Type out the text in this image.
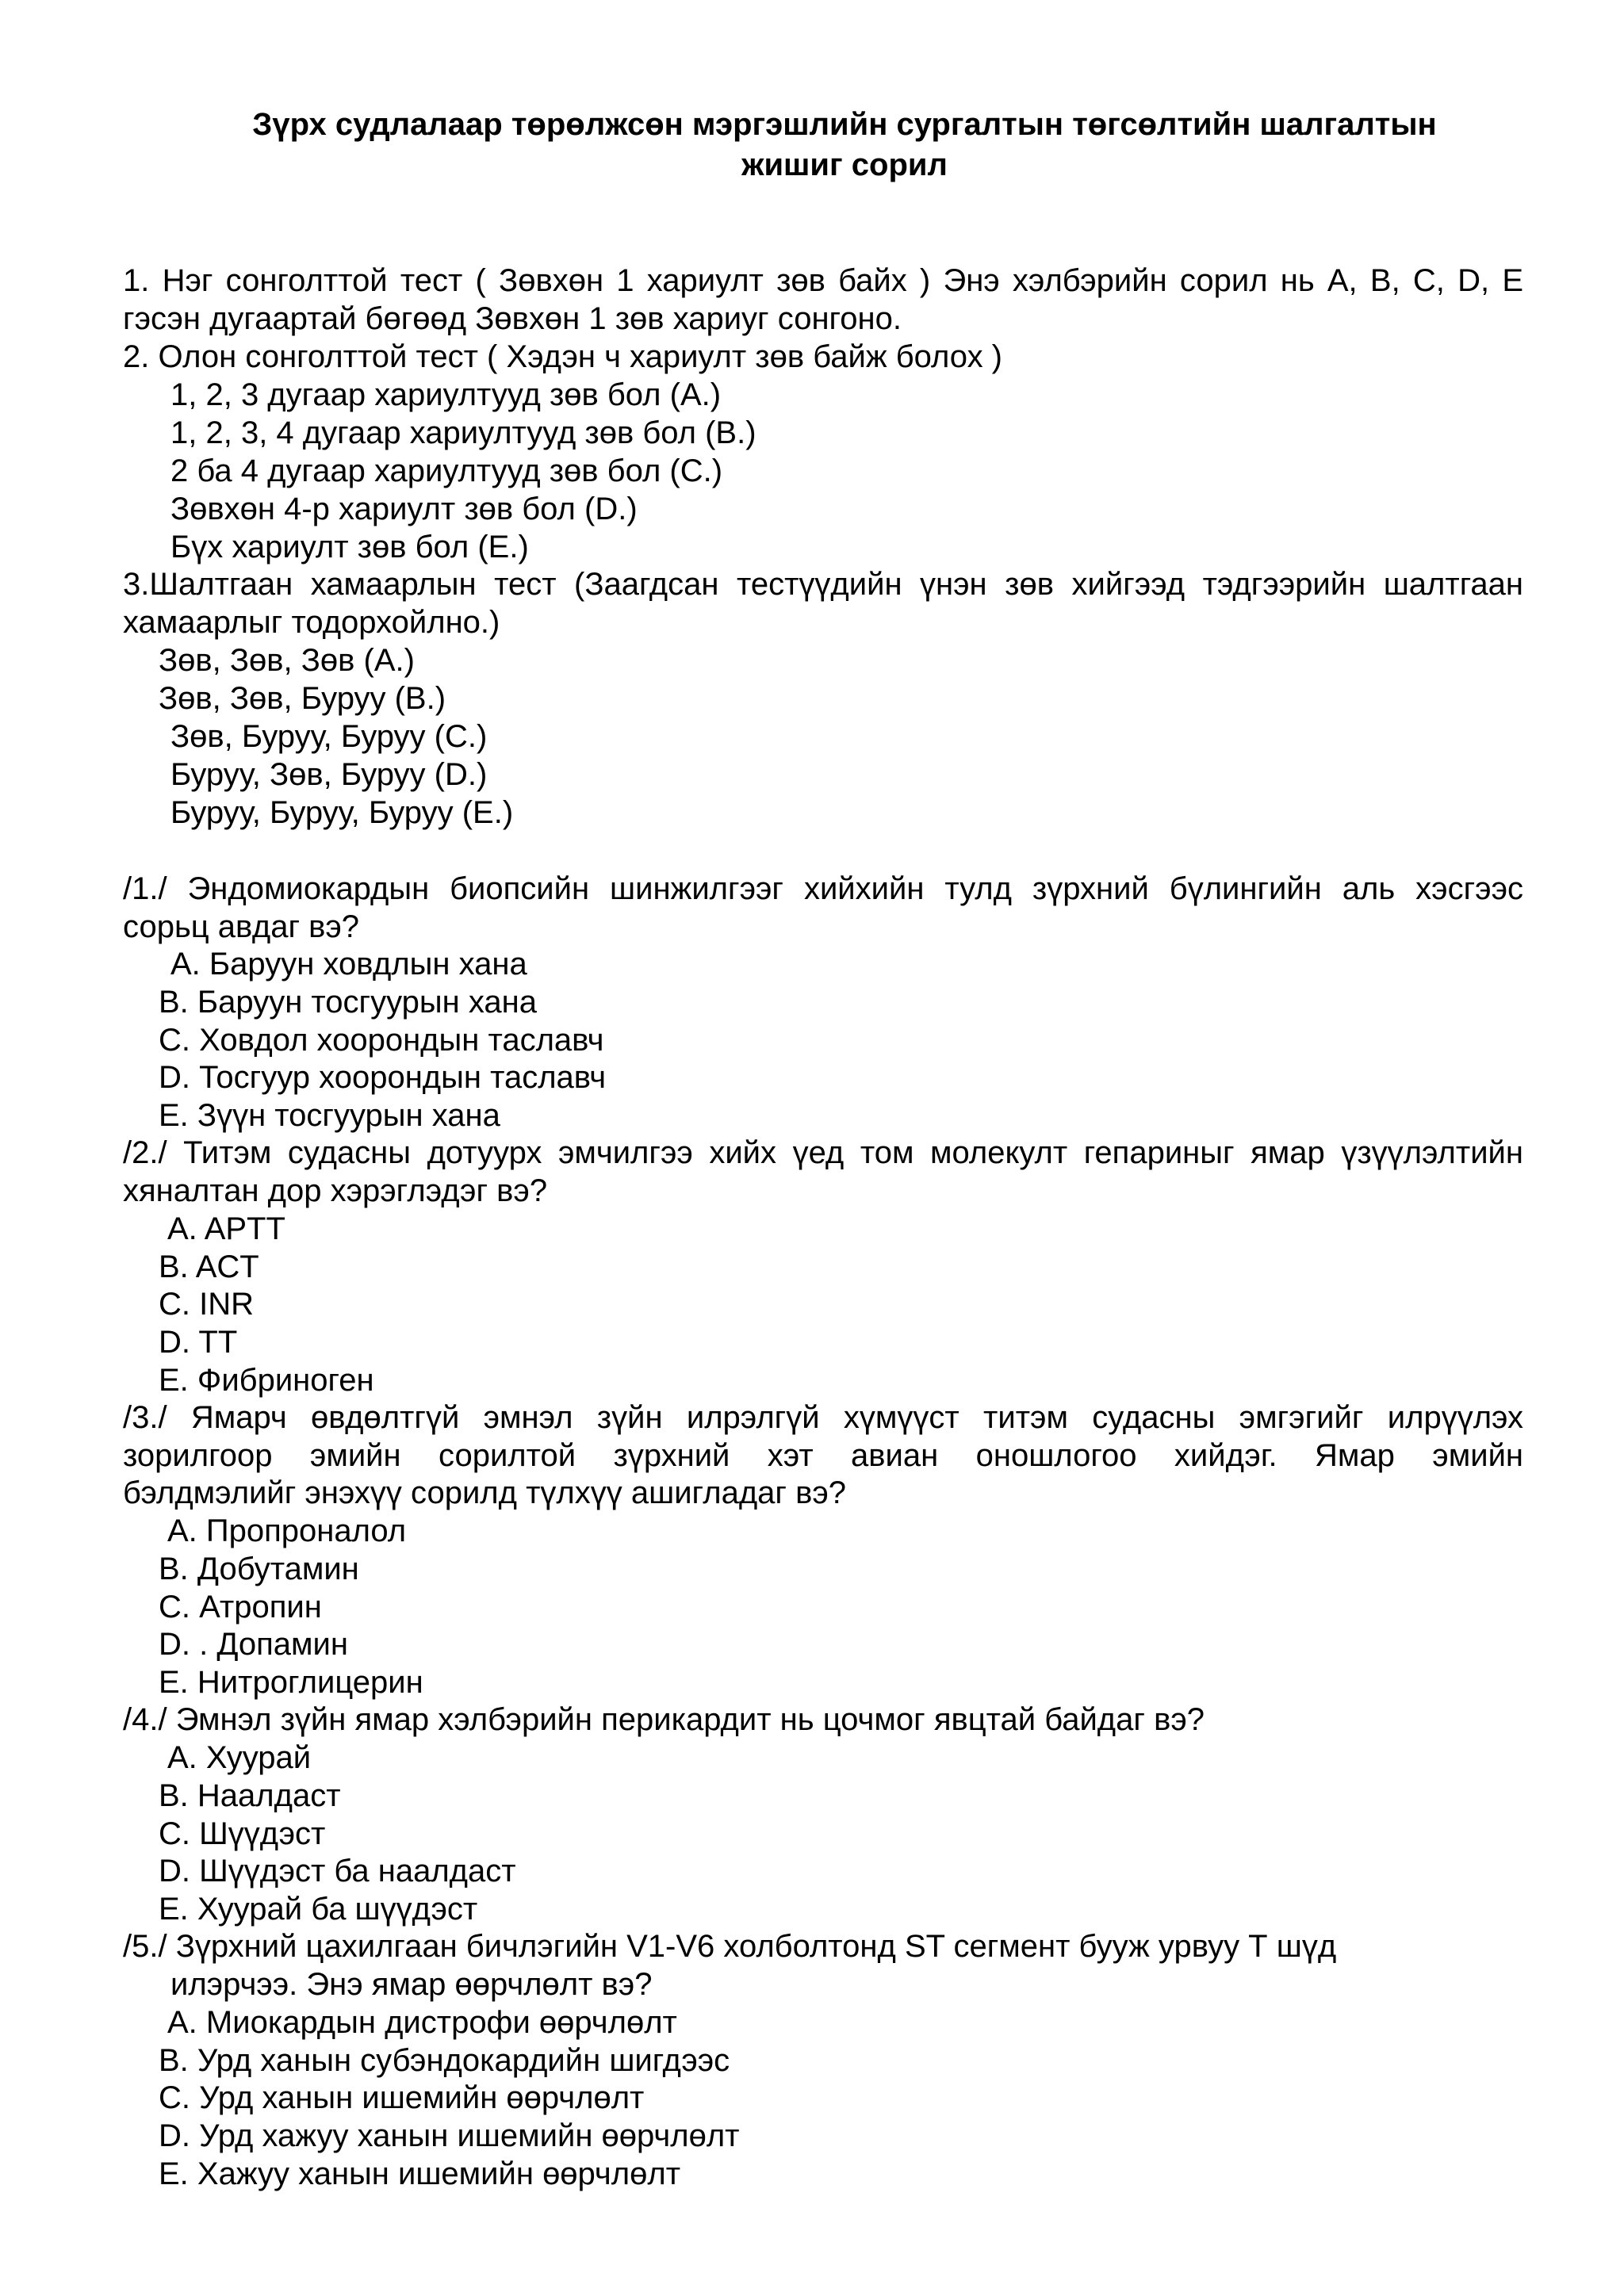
Зүрх судлалаар төрөлжсөн мэргэшлийн сургалтын төгсөлтийн шалгалтын
жишиг сорил
1. Нэг сонголттой тест ( Зөвхөн 1 хариулт зөв байх ) Энэ хэлбэрийн сорил нь A, B, C, D, E
гэсэн дугаартай бөгөөд Зөвхөн 1 зөв хариуг сонгоно.
2. Олон сонголттой тест ( Хэдэн ч хариулт зөв байж болох )
1, 2, 3 дугаар хариултууд зөв бол (A.)
1, 2, 3, 4 дугаар хариултууд зөв бол (B.)
2 ба 4 дугаар хариултууд зөв бол (C.)
Зөвхөн 4-р хариулт зөв бол (D.)
Бүх хариулт зөв бол (E.)
3.Шалтгаан хамаарлын тест (Заагдсан тестүүдийн үнэн зөв хийгээд тэдгээрийн шалтгаан
хамаарлыг тодорхойлно.)
Зөв, Зөв, Зөв (A.)
Зөв, Зөв, Буруу (B.)
Зөв, Буруу, Буруу (C.)
Буруу, Зөв, Буруу (D.)
Буруу, Буруу, Буруу (E.)
/1./ Эндомиокардын биопсийн шинжилгээг хийхийн тулд зүрхний бүлингийн аль хэсгээс
сорьц авдаг вэ?
A. Баруун ховдлын хана
B. Баруун тосгуурын хана
C. Ховдол хоорондын таславч
D. Тосгуур хоорондын таславч
E. Зүүн тосгуурын хана
/2./ Титэм судасны дотуурх эмчилгээ хийх үед том молекулт гепариныг ямар үзүүлэлтийн
хяналтан дор хэрэглэдэг вэ?
A. APTT
B. ACT
C. INR
D. TT
E. Фибриноген
/3./ Ямарч өвдөлтгүй эмнэл зүйн илрэлгүй хүмүүст титэм судасны эмгэгийг илрүүлэх
зорилгоор эмийн сорилтой зүрхний хэт авиан оношлогоо хийдэг. Ямар эмийн
бэлдмэлийг энэхүү сорилд түлхүү ашигладаг вэ?
A. Пропроналол
B. Добутамин
C. Атропин
D. . Допамин
E. Нитроглицерин
/4./ Эмнэл зүйн ямар хэлбэрийн перикардит нь цочмог явцтай байдаг вэ?
A. Хуурай
B. Наалдаст
C. Шүүдэст
D. Шүүдэст ба наалдаст
E. Хуурай ба шүүдэст
/5./ Зүрхний цахилгаан бичлэгийн V1-V6 холболтонд ST сегмент бууж урвуу Т шүд
илэрчээ. Энэ ямар өөрчлөлт вэ?
A. Миокардын дистрофи өөрчлөлт
B. Урд ханын субэндокардийн шигдээс
C. Урд ханын ишемийн өөрчлөлт
D. Урд хажуу ханын ишемийн өөрчлөлт
E. Хажуу ханын ишемийн өөрчлөлт
